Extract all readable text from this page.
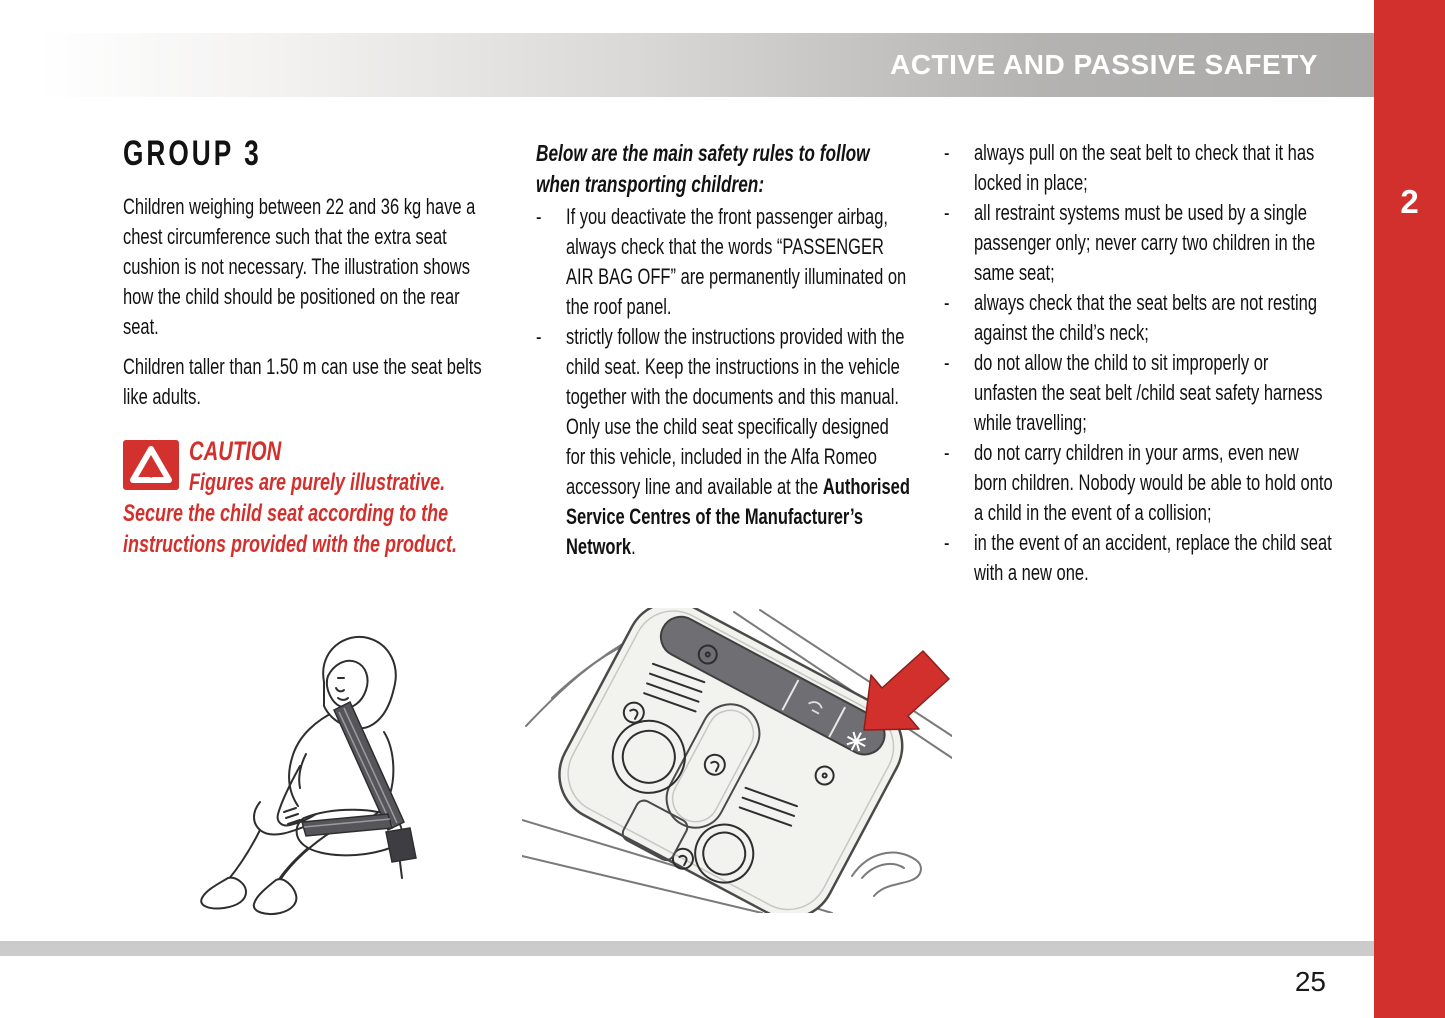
ACTIVE AND PASSIVE SAFETY
2
25
GROUP 3

Children weighing between 22 and 36 kg have a chest circumference such that the extra seat cushion is not necessary. The illustration shows how the child should be positioned on the rear seat.

Children taller than 1.50 m can use the seat belts like adults.

CAUTION
Figures are purely illustrative. Secure the child seat according to the instructions provided with the product.

Below are the main safety rules to follow when transporting children:

-	If you deactivate the front passenger airbag, always check that the words “PASSENGER AIR BAG OFF” are permanently illuminated on the roof panel.
-	strictly follow the instructions provided with the child seat. Keep the instructions in the vehicle together with the documents and this manual. Only use the child seat specifically designed for this vehicle, included in the Alfa Romeo accessory line and available at the Authorised Service Centres of the Manufacturer’s Network.
-	always pull on the seat belt to check that it has locked in place;
-	all restraint systems must be used by a single passenger only; never carry two children in the same seat;
-	always check that the seat belts are not resting against the child’s neck;
-	do not allow the child to sit improperly or unfasten the seat belt /child seat safety harness while travelling;
-	do not carry children in your arms, even new born children. Nobody would be able to hold onto a child in the event of a collision;
-	in the event of an accident, replace the child seat with a new one.
